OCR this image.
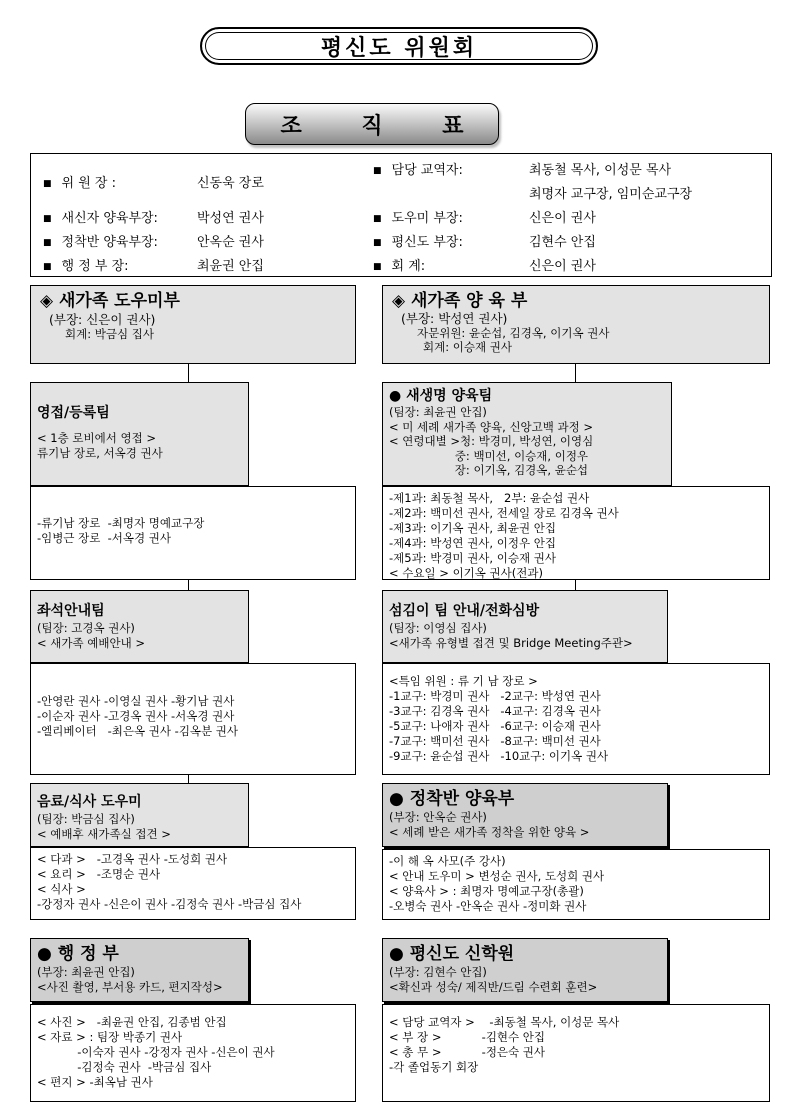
평신도 위원회
조 직 표
■ 위 원 장 :	신동욱 장로
■ 새신자 양육부장:	박성연 권사
■ 정착반 양육부장:	안옥순 권사
■ 행 정 부 장:	최윤권 안집
■ 담당 교역자:	최동철 목사, 이성문 목사
최명자 교구장, 임미순교구장
■ 도우미 부장:	신은이 권사
■ 평신도 부장:	김현수 안집
■ 회 계:	신은이 권사
◈ 새가족 도우미부
(부장: 신은이 권사)
회계: 박금심 집사
영접/등록팀
< 1층 로비에서 영접 >
류기남 장로, 서옥경 권사
-류기남 장로  -최명자 명예교구장
-임병근 장로  -서옥경 권사
좌석안내팀
(팀장: 고경옥 권사)
< 새가족 예배안내 >
-안영란 권사 -이영실 권사 -황기남 권사
-이순자 권사 -고경옥 권사 -서옥경 권사
-엘리베이터   -최은옥 권사 -김옥분 권사
음료/식사 도우미
(팀장: 박금심 집사)
< 예배후 새가족실 접견 >
< 다과 >   -고경옥 권사 -도성희 권사
< 요리 >   -조명순 권사
< 식사 >
-강정자 권사 -신은이 권사 -김정숙 권사 -박금심 집사
● 행 정 부
(부장: 최윤권 안집)
<사진 촬영, 부서용 카드, 편지작성>
< 사진 >   -최윤권 안집, 김종범 안집
< 자료 > : 팀장 박종기 권사
-이숙자 권사 -강정자 권사 -신은이 권사
-김정숙 권사  -박금심 집사
< 편지 > -최옥남 권사
◈ 새가족 양 육 부
(부장: 박성연 권사)
자문위원: 윤순섭, 김경옥, 이기옥 권사
회계: 이승재 권사
● 새생명 양육팀
(팀장: 최윤권 안집)
< 미 세례 새가족 양육, 신앙고백 과정 >
< 연령대별 >청: 박경미, 박성연, 이영심
중: 백미선, 이승재, 이정우
장: 이기옥, 김경옥, 윤순섭
-제1과: 최동철 목사,   2부: 윤순섭 권사
-제2과: 백미선 권사, 전세일 장로 김경옥 권사
-제3과: 이기옥 권사, 최윤권 안집
-제4과: 박성연 권사, 이정우 안집
-제5과: 박경미 권사, 이승재 권사
< 수요일 > 이기옥 권사(전과)
섬김이 팀 안내/전화심방
(팀장: 이영심 집사)
<새가족 유형별 접견 및 Bridge Meeting주관>
<특임 위원 : 류 기 남 장로 >
-1교구: 박경미 권사   -2교구: 박성연 권사
-3교구: 김경옥 권사   -4교구: 김경옥 권사
-5교구: 나애자 권사   -6교구: 이승재 권사
-7교구: 백미선 권사   -8교구: 백미선 권사
-9교구: 윤순섭 권사   -10교구: 이기옥 권사
● 정착반 양육부
(부장: 안옥순 권사)
< 세례 받은 새가족 정착을 위한 양육 >
-이 해 옥 사모(주 강사)
< 안내 도우미 > 변성순 권사, 도성희 권사
< 양육사 > : 최명자 명예교구장(총괄)
-오병숙 권사 -안옥순 권사 -정미화 권사
● 평신도 신학원
(부장: 김현수 안집)
<확신과 성숙/ 제직반/드림 수련회 훈련>
< 담당 교역자 >    -최동철 목사, 이성문 목사
< 부 장 >           -김현수 안집
< 총 무 >           -정은숙 권사
-각 졸업동기 회장
